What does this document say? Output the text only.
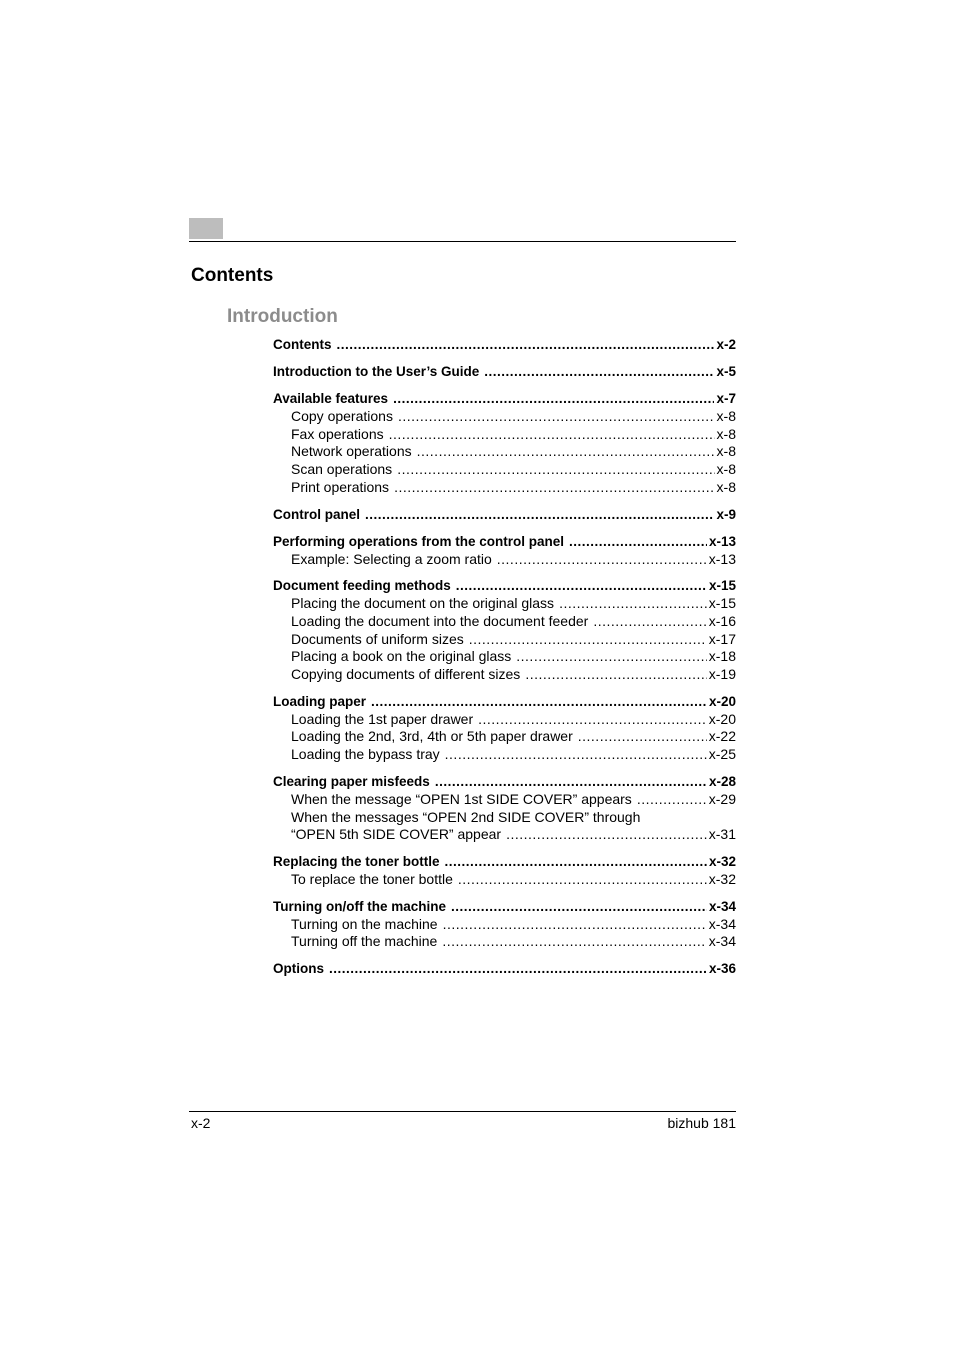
Contents
Introduction
Contents .....	x-2
Introduction to the User’s Guide .....	x-5
Available features .....	x-7
Copy operations .....	x-8
Fax operations .....	x-8
Network operations .....	x-8
Scan operations .....	x-8
Print operations .....	x-8
Control panel .....	x-9
Performing operations from the control panel .....	x-13
Example: Selecting a zoom ratio .....	x-13
Document feeding methods .....	x-15
Placing the document on the original glass .....	x-15
Loading the document into the document feeder .....	x-16
Documents of uniform sizes .....	x-17
Placing a book on the original glass .....	x-18
Copying documents of different sizes .....	x-19
Loading paper .....	x-20
Loading the 1st paper drawer .....	x-20
Loading the 2nd, 3rd, 4th or 5th paper drawer .....	x-22
Loading the bypass tray .....	x-25
Clearing paper misfeeds .....	x-28
When the message “OPEN 1st SIDE COVER” appears .....	x-29
When the messages “OPEN 2nd SIDE COVER” through
“OPEN 5th SIDE COVER” appear .....	x-31
Replacing the toner bottle .....	x-32
To replace the toner bottle .....	x-32
Turning on/off the machine .....	x-34
Turning on the machine .....	x-34
Turning off the machine .....	x-34
Options .....	x-36
x-2	bizhub 181
